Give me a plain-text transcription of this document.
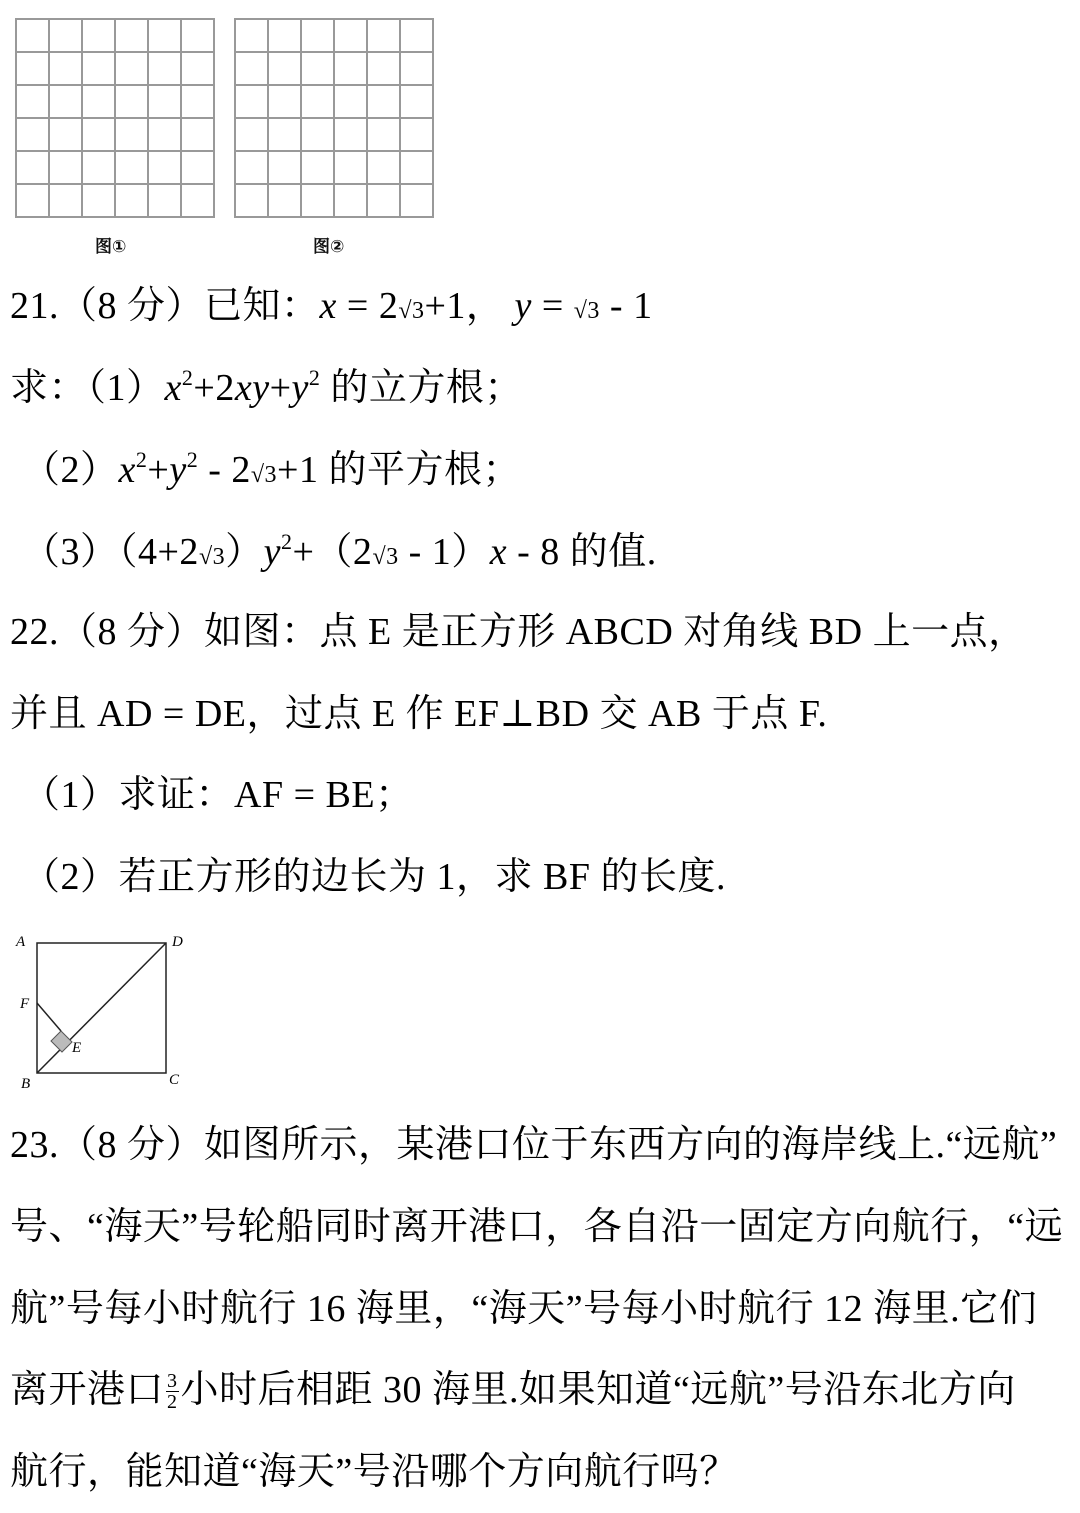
图①	图②
21.（8 分）已知：x = 2√3+1， y = √3 - 1
求：$(1)x^2+2xy+y^2$ 的立方根；
$(2)x^2+y^2 - 2√3+1$ 的平方根；
$(3)(4+2√3)y^2+(2√3 - 1)x - 8$ 的值.
22.（8 分）如图：点 E 是正方形 ABCD 对角线 BD 上一点，
并且 AD = DE，过点 E 作 EF⊥BD 交 AB 于点 F.
（1）求证：AF = BE；
（2）若正方形的边长为 1，求 BF 的长度.
A	D
F
E
B	C
23.（8 分）如图所示，某港口位于东西方向的海岸线上.“远航”
号、“海天”号轮船同时离开港口，各自沿一固定方向航行，“远
航”号每小时航行 16 海里，“海天”号每小时航行 12 海里.它们
离开港口 $\frac{3}{2}$ 小时后相距 30 海里.如果知道“远航”号沿东北方向
航行，能知道“海天”号沿哪个方向航行吗？
